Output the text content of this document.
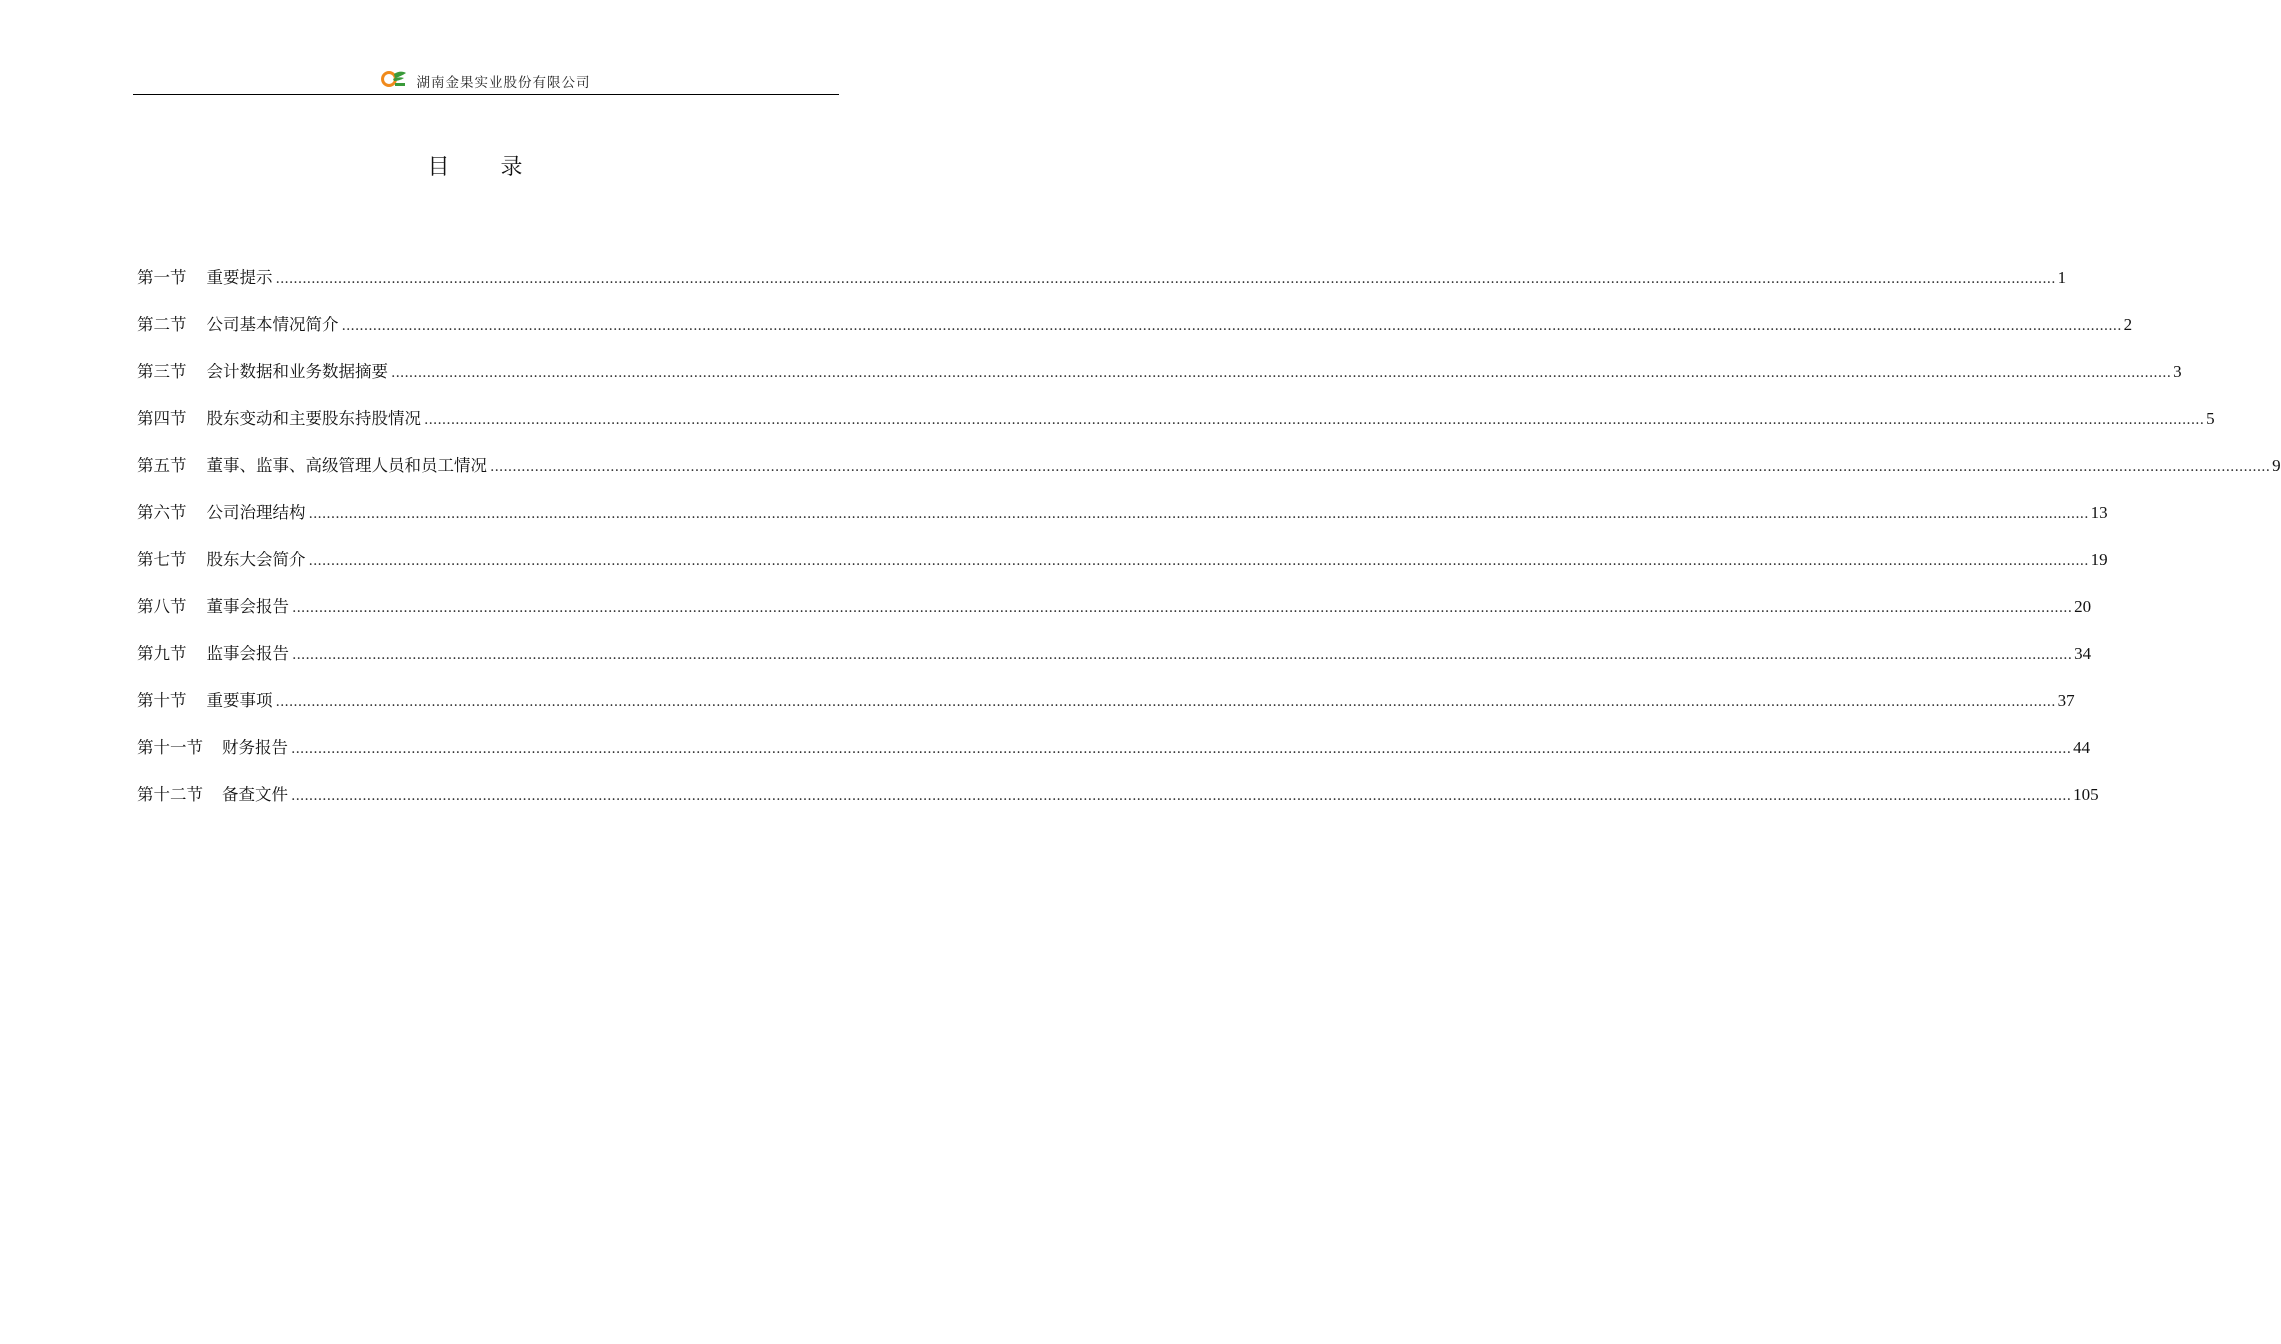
湖南金果实业股份有限公司
目 录
第一节 重要提示 ................................................................................................................................................................................................................................................................................................................................................................................................................ 1
第二节 公司基本情况简介 ................................................................................................................................................................................................................................................................................................................................................................................................................ 2
第三节 会计数据和业务数据摘要 ................................................................................................................................................................................................................................................................................................................................................................................................................ 3
第四节 股东变动和主要股东持股情况 ................................................................................................................................................................................................................................................................................................................................................................................................................ 5
第五节 董事、监事、高级管理人员和员工情况 ................................................................................................................................................................................................................................................................................................................................................................................................................ 9
第六节 公司治理结构 ................................................................................................................................................................................................................................................................................................................................................................................................................ 13
第七节 股东大会简介 ................................................................................................................................................................................................................................................................................................................................................................................................................ 19
第八节 董事会报告 ................................................................................................................................................................................................................................................................................................................................................................................................................ 20
第九节 监事会报告 ................................................................................................................................................................................................................................................................................................................................................................................................................ 34
第十节 重要事项 ................................................................................................................................................................................................................................................................................................................................................................................................................ 37
第十一节 财务报告 ................................................................................................................................................................................................................................................................................................................................................................................................................ 44
第十二节 备查文件 ................................................................................................................................................................................................................................................................................................................................................................................................................ 105
